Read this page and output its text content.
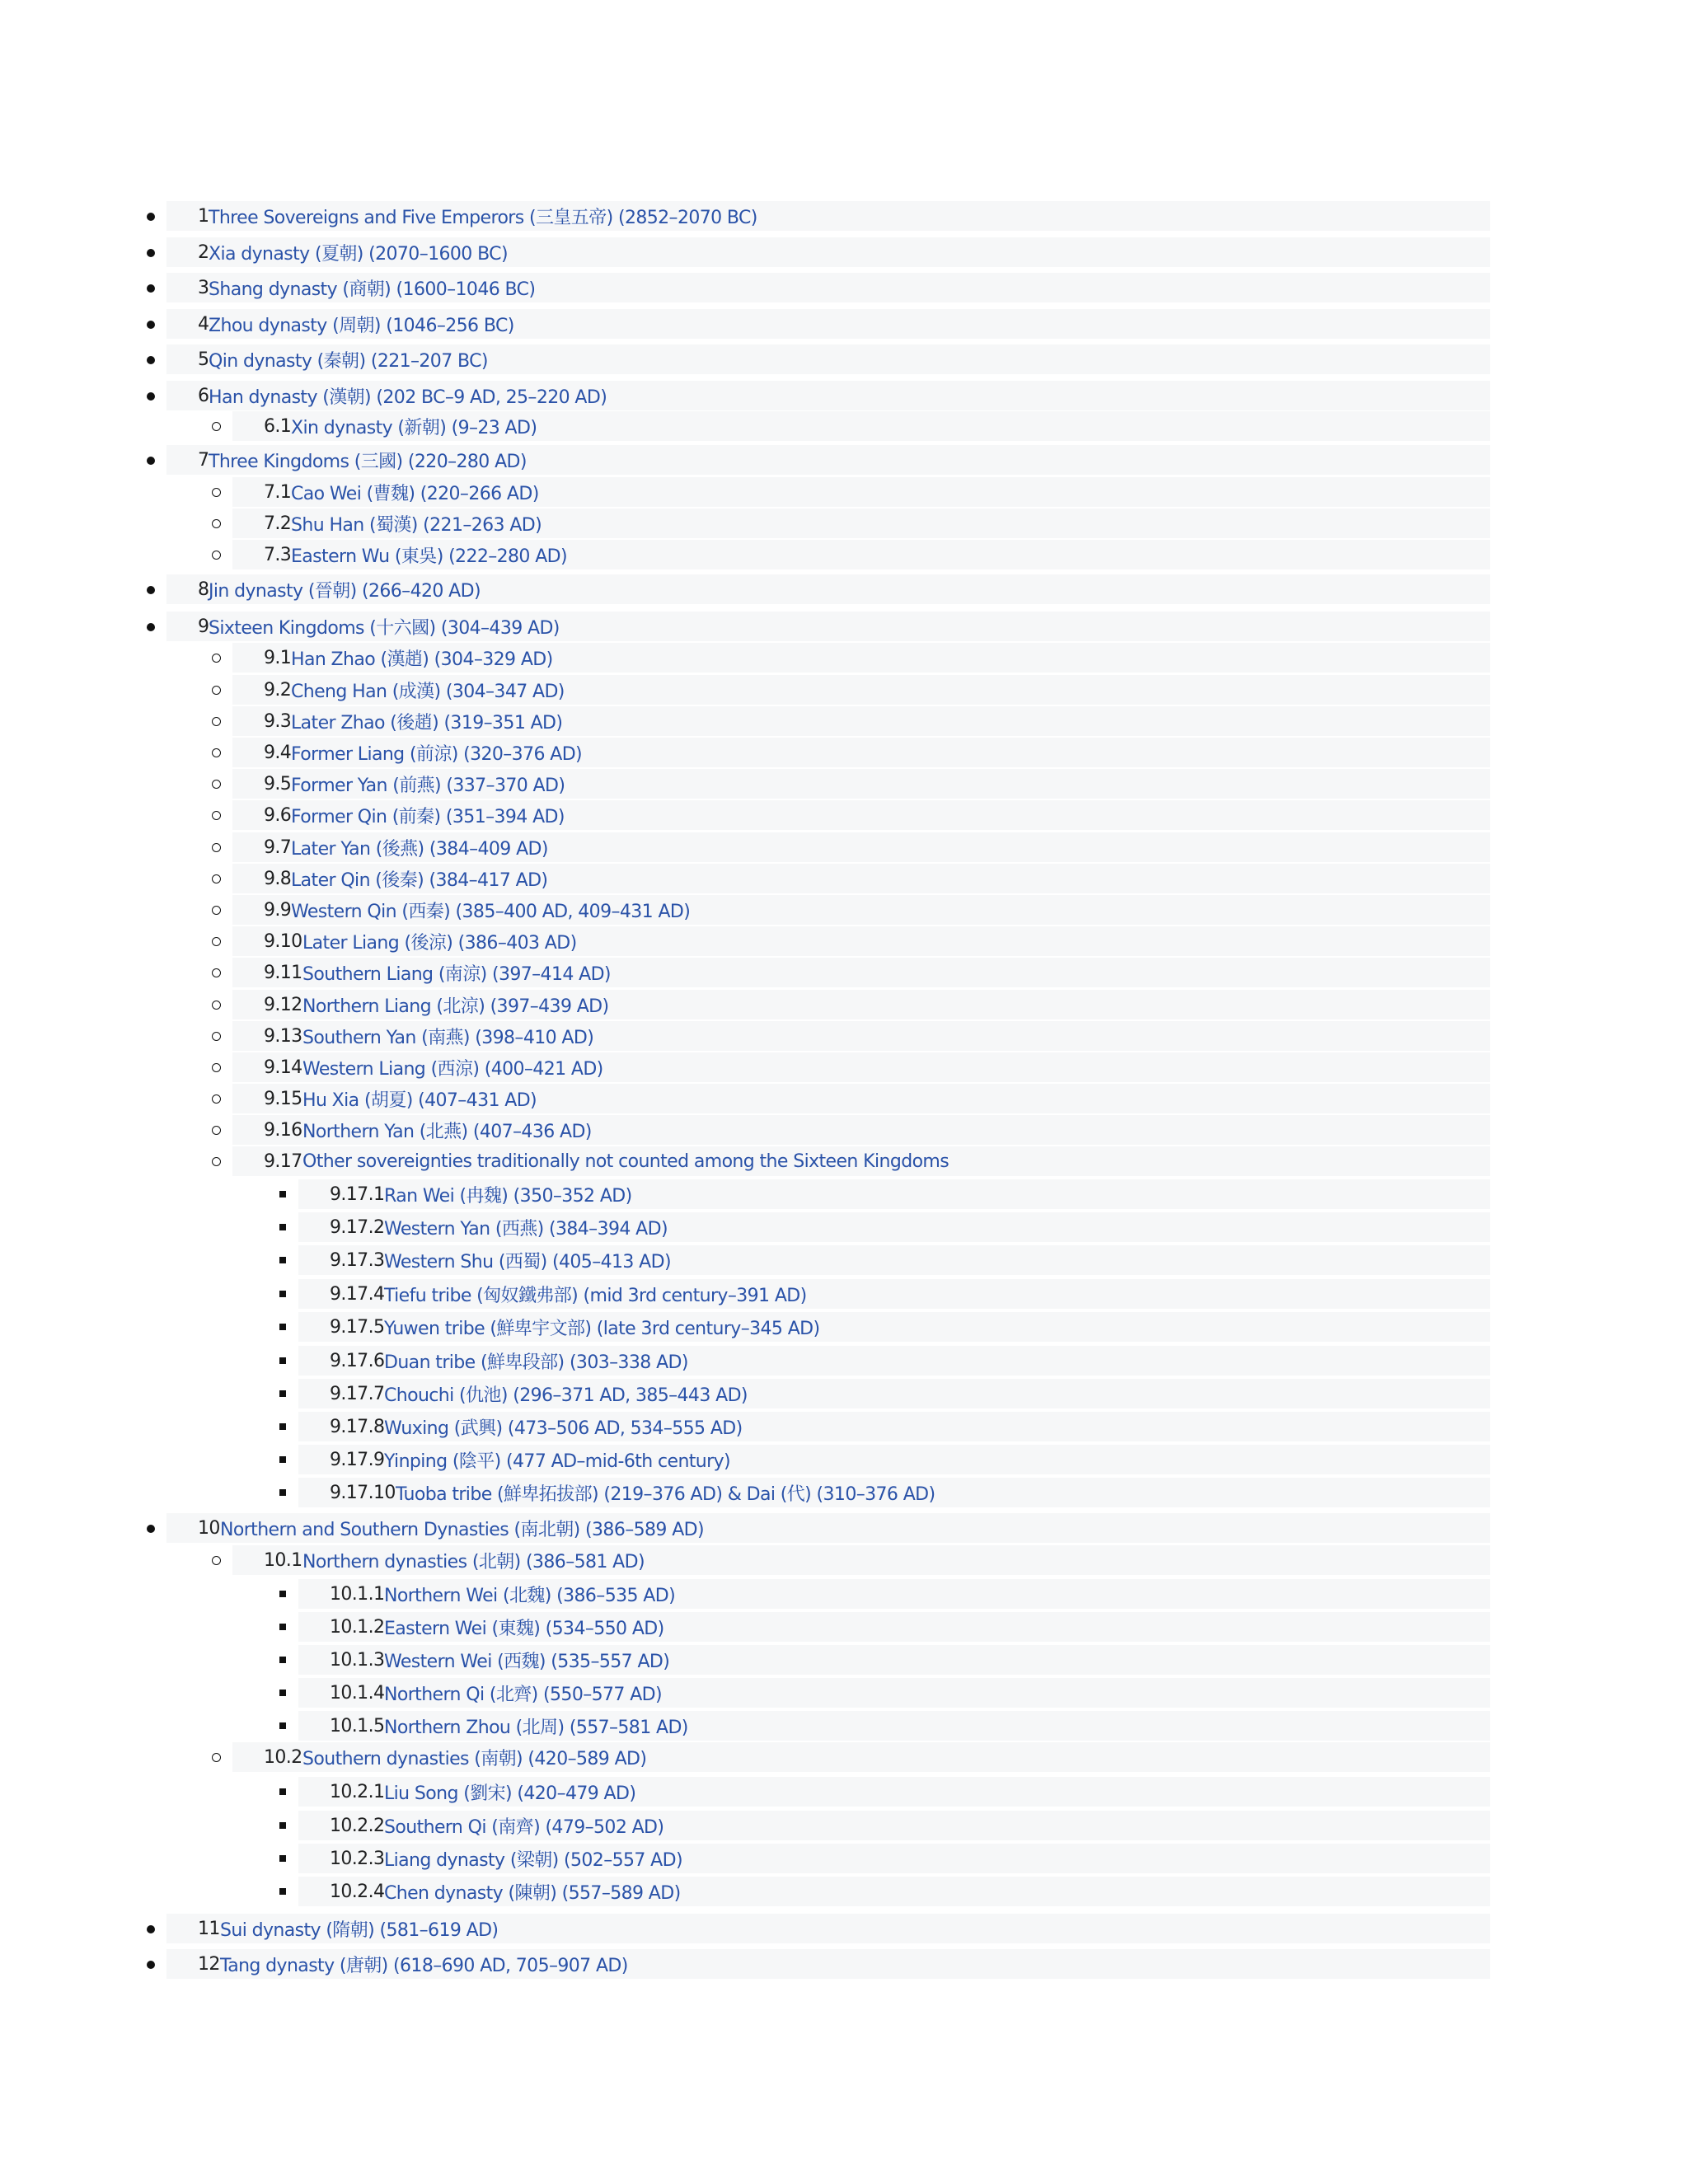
1 Three Sovereigns and Five Emperors (三皇五帝) (2852–2070 BC)
2 Xia dynasty (夏朝) (2070–1600 BC)
3 Shang dynasty (商朝) (1600–1046 BC)
4 Zhou dynasty (周朝) (1046–256 BC)
5 Qin dynasty (秦朝) (221–207 BC)
6 Han dynasty (漢朝) (202 BC–9 AD, 25–220 AD)
6.1 Xin dynasty (新朝) (9–23 AD)
7 Three Kingdoms (三國) (220–280 AD)
7.1 Cao Wei (曹魏) (220–266 AD)
7.2 Shu Han (蜀漢) (221–263 AD)
7.3 Eastern Wu (東吳) (222–280 AD)
8 Jin dynasty (晉朝) (266–420 AD)
9 Sixteen Kingdoms (十六國) (304–439 AD)
9.1 Han Zhao (漢趙) (304–329 AD)
9.2 Cheng Han (成漢) (304–347 AD)
9.3 Later Zhao (後趙) (319–351 AD)
9.4 Former Liang (前涼) (320–376 AD)
9.5 Former Yan (前燕) (337–370 AD)
9.6 Former Qin (前秦) (351–394 AD)
9.7 Later Yan (後燕) (384–409 AD)
9.8 Later Qin (後秦) (384–417 AD)
9.9 Western Qin (西秦) (385–400 AD, 409–431 AD)
9.10 Later Liang (後涼) (386–403 AD)
9.11 Southern Liang (南涼) (397–414 AD)
9.12 Northern Liang (北涼) (397–439 AD)
9.13 Southern Yan (南燕) (398–410 AD)
9.14 Western Liang (西涼) (400–421 AD)
9.15 Hu Xia (胡夏) (407–431 AD)
9.16 Northern Yan (北燕) (407–436 AD)
9.17 Other sovereignties traditionally not counted among the Sixteen Kingdoms
9.17.1 Ran Wei (冉魏) (350–352 AD)
9.17.2 Western Yan (西燕) (384–394 AD)
9.17.3 Western Shu (西蜀) (405–413 AD)
9.17.4 Tiefu tribe (匈奴鐵弗部) (mid 3rd century–391 AD)
9.17.5 Yuwen tribe (鮮卑宇文部) (late 3rd century–345 AD)
9.17.6 Duan tribe (鮮卑段部) (303–338 AD)
9.17.7 Chouchi (仇池) (296–371 AD, 385–443 AD)
9.17.8 Wuxing (武興) (473–506 AD, 534–555 AD)
9.17.9 Yinping (陰平) (477 AD–mid-6th century)
9.17.10 Tuoba tribe (鮮卑拓拔部) (219–376 AD) & Dai (代) (310–376 AD)
10 Northern and Southern Dynasties (南北朝) (386–589 AD)
10.1 Northern dynasties (北朝) (386–581 AD)
10.1.1 Northern Wei (北魏) (386–535 AD)
10.1.2 Eastern Wei (東魏) (534–550 AD)
10.1.3 Western Wei (西魏) (535–557 AD)
10.1.4 Northern Qi (北齊) (550–577 AD)
10.1.5 Northern Zhou (北周) (557–581 AD)
10.2 Southern dynasties (南朝) (420–589 AD)
10.2.1 Liu Song (劉宋) (420–479 AD)
10.2.2 Southern Qi (南齊) (479–502 AD)
10.2.3 Liang dynasty (梁朝) (502–557 AD)
10.2.4 Chen dynasty (陳朝) (557–589 AD)
11 Sui dynasty (隋朝) (581–619 AD)
12 Tang dynasty (唐朝) (618–690 AD, 705–907 AD)
